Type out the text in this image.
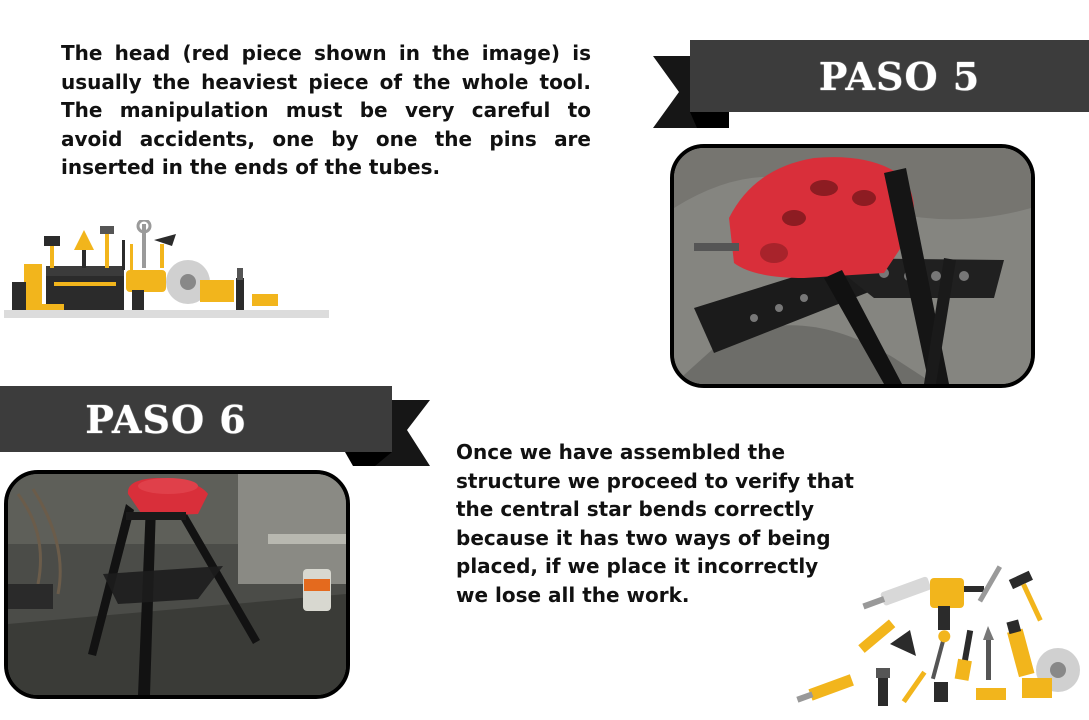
The head (red piece shown in the image) is usually the heaviest piece of the whole tool. The manipulation must be very careful to avoid accidents, one by one the pins are inserted in the ends of the tubes.

PASO 5
PASO 6

Once we have assembled the structure we proceed to verify that the central star bends correctly because it has two ways of being placed, if we place it incorrectly we lose all the work.
